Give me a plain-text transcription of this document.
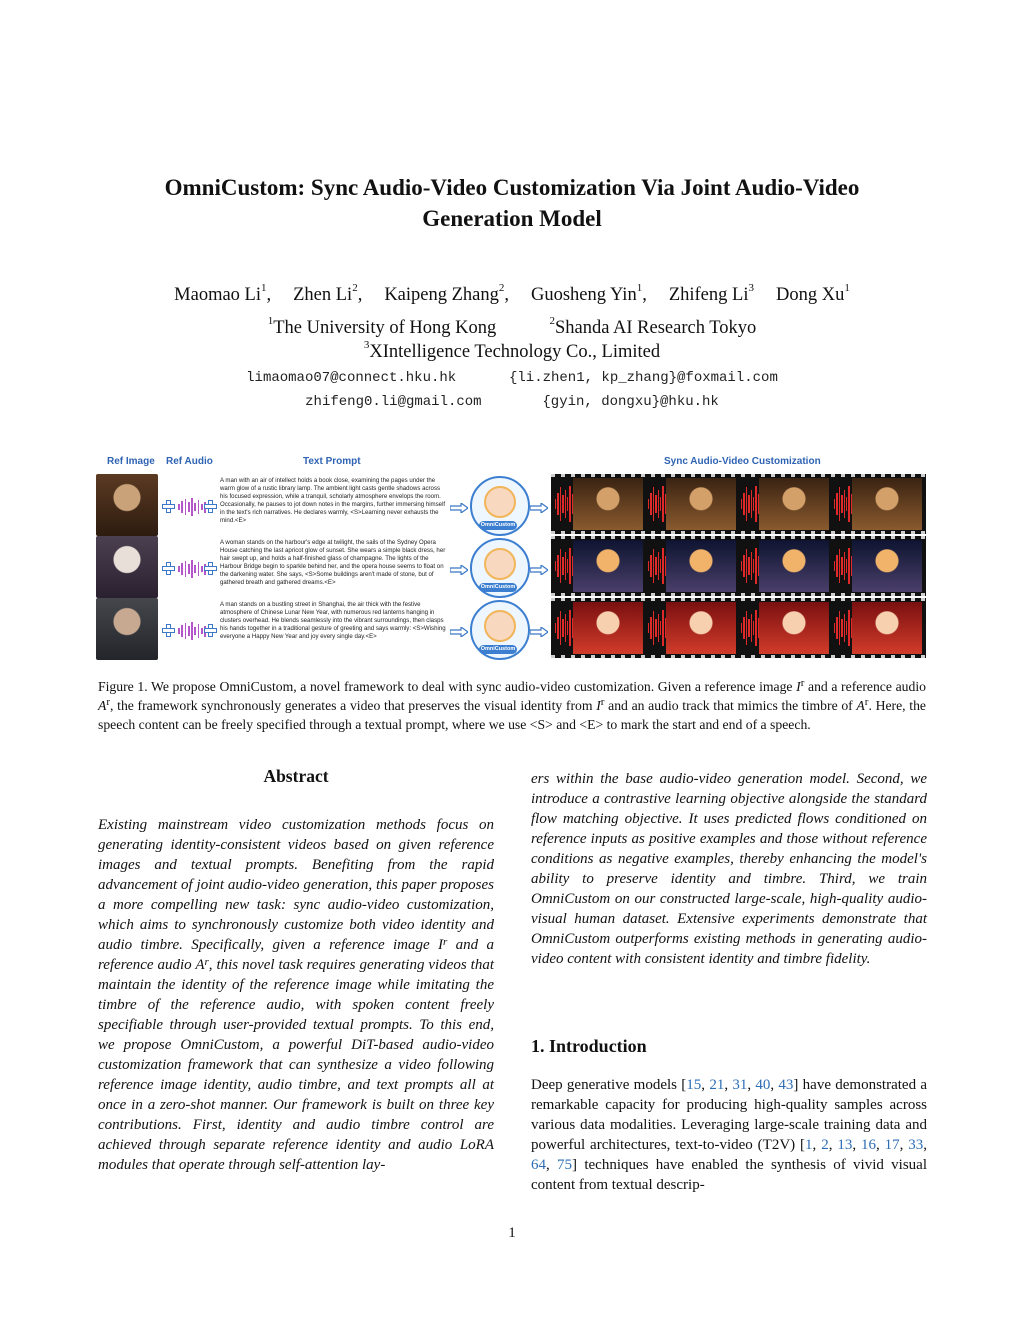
OmniCustom: Sync Audio-Video Customization Via Joint Audio-Video
Generation Model
Maomao Li$^1$, Zhen Li$^2$, Kaipeng Zhang$^2$, Guosheng Yin$^1$, Zhifeng Li$^3$ Dong Xu$^1$
$^1$The University of Hong Kong	$^2$Shanda AI Research Tokyo
$^3$XIntelligence Technology Co., Limited
limaomao07@connect.hku.hk	{li.zhen1, kp_zhang}@foxmail.com
zhifeng0.li@gmail.com	{gyin, dongxu}@hku.hk
Ref Image Ref Audio	Text Prompt	Sync Audio-Video Customization
A man with an air of intellect holds a book close, examining the pages under the warm glow of a rustic library lamp. The ambient light casts gentle shadows across his focused expression, while a tranquil, scholarly atmosphere envelops the room. Occasionally, he pauses to jot down notes in the margins, further immersing himself in the text's rich narratives. He declares warmly, <S>Learning never exhausts the mind.<E>
OmniCustom
A woman stands on the harbour's edge at twilight, the sails of the Sydney Opera House catching the last apricot glow of sunset. She wears a simple black dress, her hair swept up, and holds a half-finished glass of champagne. The lights of the Harbour Bridge begin to sparkle behind her, and the opera house seems to float on the darkening water. She says, <S>Some buildings aren't made of stone, but of gathered breath and gathered dreams.<E>
OmniCustom
A man stands on a bustling street in Shanghai, the air thick with the festive atmosphere of Chinese Lunar New Year, with numerous red lanterns hanging in clusters overhead. He blends seamlessly into the vibrant surroundings, then clasps his hands together in a traditional gesture of greeting and says warmly: <S>Wishing everyone a Happy New Year and joy every single day.<E>
OmniCustom
Figure 1. We propose OmniCustom, a novel framework to deal with sync audio-video customization. Given a reference image $I^r$ and a reference audio $A^r$, the framework synchronously generates a video that preserves the visual identity from $I^r$ and an audio track that mimics the timbre of $A^r$. Here, the speech content can be freely specified through a textual prompt, where we use <S> and <E> to mark the start and end of a speech.
Abstract
Existing mainstream video customization methods focus on generating identity-consistent videos based on given reference images and textual prompts. Benefiting from the rapid advancement of joint audio-video generation, this paper proposes a more compelling new task: sync audio-video customization, which aims to synchronously customize both video identity and audio timbre. Specifically, given a reference image $I^r$ and a reference audio $A^r$, this novel task requires generating videos that maintain the identity of the reference image while imitating the timbre of the reference audio, with spoken content freely specifiable through user-provided textual prompts. To this end, we propose OmniCustom, a powerful DiT-based audio-video customization framework that can synthesize a video following reference image identity, audio timbre, and text prompts all at once in a zero-shot manner. Our framework is built on three key contributions. First, identity and audio timbre control are achieved through separate reference identity and audio LoRA modules that operate through self-attention lay-
ers within the base audio-video generation model. Second, we introduce a contrastive learning objective alongside the standard flow matching objective. It uses predicted flows conditioned on reference inputs as positive examples and those without reference conditions as negative examples, thereby enhancing the model's ability to preserve identity and timbre. Third, we train OmniCustom on our constructed large-scale, high-quality audio-visual human dataset. Extensive experiments demonstrate that OmniCustom outperforms existing methods in generating audio-video content with consistent identity and timbre fidelity.
1. Introduction
Deep generative models [15, 21, 31, 40, 43] have demonstrated a remarkable capacity for producing high-quality samples across various data modalities. Leveraging large-scale training data and powerful architectures, text-to-video (T2V) [1, 2, 13, 16, 17, 33, 64, 75] techniques have enabled the synthesis of vivid visual content from textual descrip-
1
